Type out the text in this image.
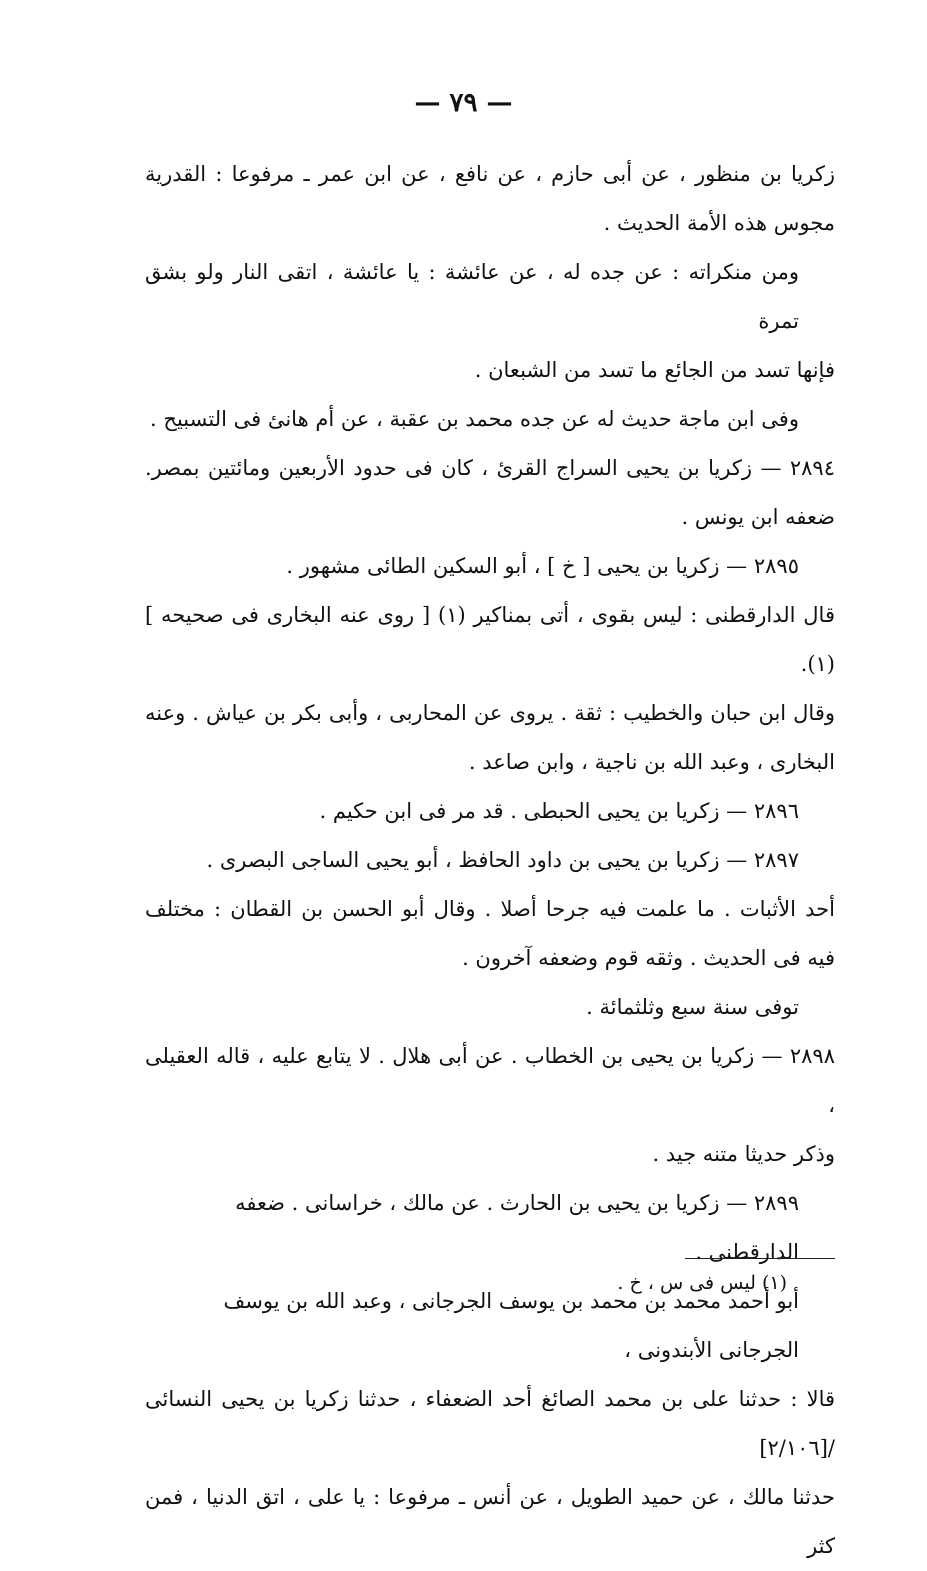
— ٧٩ —

زكريا بن منظور ، عن أبى حازم ، عن نافع ، عن ابن عمر ـ مرفوعا : القدرية

مجوس هذه الأمة الحديث .

ومن منكراته : عن جده له ، عن عائشة : يا عائشة ، اتقى النار ولو بشق تمرة

فإنها تسد من الجائع ما تسد من الشبعان .

وفى ابن ماجة حديث له عن جده محمد بن عقبة ، عن أم هانئ فى التسبيح .

٢٨٩٤ — زكريا بن يحيى السراج القرئ ، كان فى حدود الأربعين ومائتين بمصر.

ضعفه ابن يونس .

٢٨٩٥ — زكريا بن يحيى [ خ ] ، أبو السكين الطائى مشهور .

قال الدارقطنى : ليس بقوى ، أتى بمناكير (١) [ روى عنه البخارى فى صحيحه ] (١).

وقال ابن حبان والخطيب : ثقة . يروى عن المحاربى ، وأبى بكر بن عياش . وعنه

البخارى ، وعبد الله بن ناجية ، وابن صاعد .

٢٨٩٦ — زكريا بن يحيى الحبطى . قد مر فى ابن حكيم .

٢٨٩٧ — زكريا بن يحيى بن داود الحافظ ، أبو يحيى الساجى البصرى .

أحد الأثبات . ما علمت فيه جرحا أصلا . وقال أبو الحسن بن القطان : مختلف

فيه فى الحديث . وثقه قوم وضعفه آخرون .

توفى سنة سبع وثلثمائة .

٢٨٩٨ — زكريا بن يحيى بن الخطاب . عن أبى هلال . لا يتابع عليه ، قاله العقيلى ،

وذكر حديثا متنه جيد .

٢٨٩٩ — زكريا بن يحيى بن الحارث . عن مالك ، خراسانى . ضعفه الدارقطنى .

أبو أحمد محمد بن محمد بن يوسف الجرجانى ، وعبد الله بن يوسف الجرجانى الأبندونى ،

قالا : حدثنا على بن محمد الصائغ أحد الضعفاء ، حدثنا زكريا بن يحيى النسائى /[٢/١٠٦]

حدثنا مالك ، عن حميد الطويل ، عن أنس ـ مرفوعا : يا على ، اتق الدنيا ، فمن كثر

(١) ليس فى س ، خ .
